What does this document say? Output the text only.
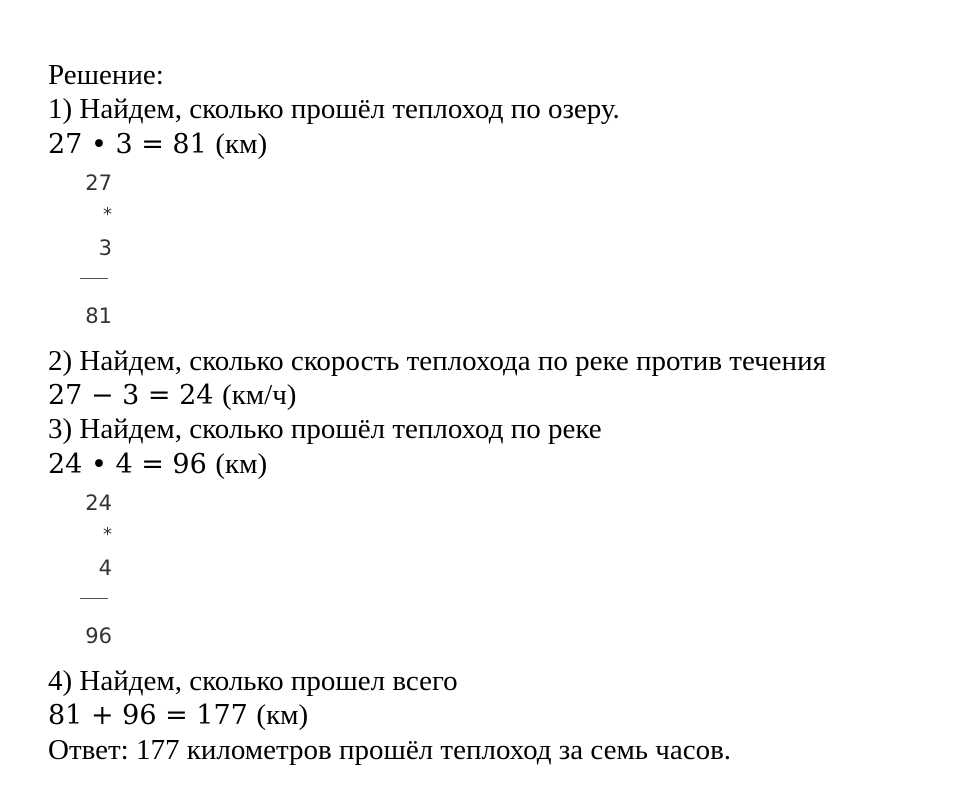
Решение:
1) Найдем, сколько прошёл теплоход по озеру.
27 • 3 = 81 (км)
27
*
3
81
2) Найдем, сколько скорость теплохода по реке против течения
27 − 3 = 24 (км/ч)
3) Найдем, сколько прошёл теплоход по реке
24 • 4 = 96 (км)
24
*
4
96
4) Найдем, сколько прошел всего
81 + 96 = 177 (км)
Ответ: 177 километров прошёл теплоход за семь часов.
